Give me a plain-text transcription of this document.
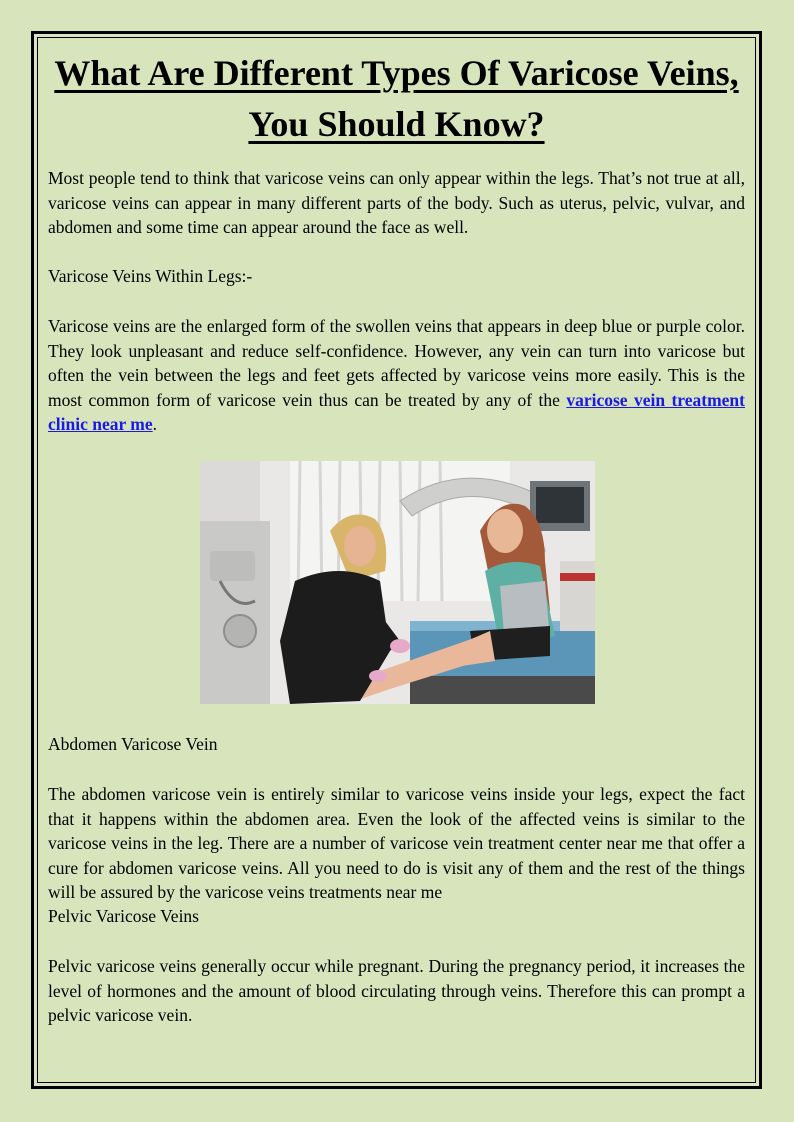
What Are Different Types Of Varicose Veins, You Should Know?

Most people tend to think that varicose veins can only appear within the legs. That’s not true at all, varicose veins can appear in many different parts of the body. Such as uterus, pelvic, vulvar, and abdomen and some time can appear around the face as well.

Varicose Veins Within Legs:-

Varicose veins are the enlarged form of the swollen veins that appears in deep blue or purple color. They look unpleasant and reduce self-confidence. However, any vein can turn into varicose but often the vein between the legs and feet gets affected by varicose veins more easily. This is the most common form of varicose vein thus can be treated by any of the varicose vein treatment clinic near me.

Abdomen Varicose Vein

The abdomen varicose vein is entirely similar to varicose veins inside your legs, expect the fact that it happens within the abdomen area. Even the look of the affected veins is similar to the varicose veins in the leg. There are a number of varicose vein treatment center near me that offer a cure for abdomen varicose veins. All you need to do is visit any of them and the rest of the things will be assured by the varicose veins treatments near me

Pelvic Varicose Veins

Pelvic varicose veins generally occur while pregnant. During the pregnancy period, it increases the level of hormones and the amount of blood circulating through veins. Therefore this can prompt a pelvic varicose vein.
